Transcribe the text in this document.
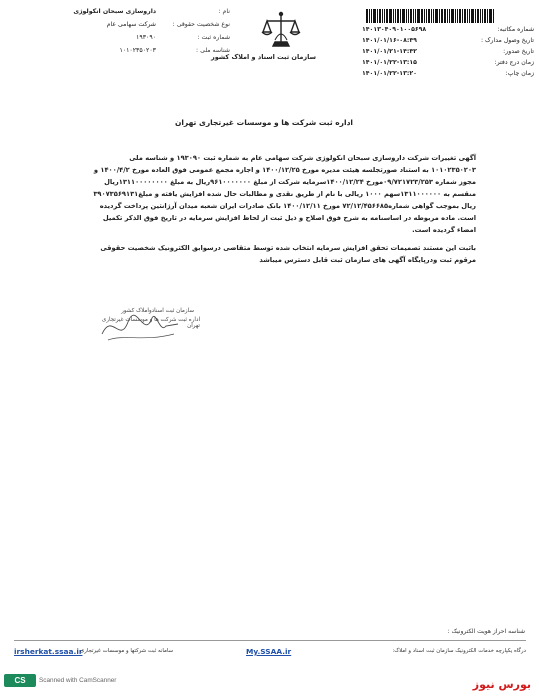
شماره مکاتبه:
۱۴۰۱۳۰۴۰۹۰۱۰۰۵۶۹۸
تاریخ وصول مدارک :
۱۴۰۱/۰۱/۱۶-۰۸:۴۹
تاریخ صدور:
۱۴۰۱/۰۱/۲۱-۱۴:۴۲
زمان درج دفتر:
۱۴۰۱/۰۱/۲۲-۱۳:۱۵
زمان چاپ:
۱۴۰۱/۰۱/۲۲-۱۳:۲۰
سازمان ثبت اسناد و املاک کشور
نام :
داروسازی سبحان انکولوژی
نوع شخصیت حقوقی :
شرکت سهامی عام
شماره ثبت :
۱۹۳۰۹۰
شناسه ملی :
۱۰۱۰۲۳۵۰۲۰۳
اداره ثبت شرکت ها و موسسات غیرتجاری تهران

آگهی تغییرات شرکت داروسازی سبحان انکولوژی شرکت سهامی عام به شماره ثبت ۱۹۳۰۹۰ و شناسه ملی ۱۰۱۰۲۳۵۰۲۰۳ به استناد صورتجلسه هیئت مدیره مورخ ۱۴۰۰/۱۲/۲۵ و اجازه مجمع عمومی فوق العاده مورخ ۱۴۰۰/۴/۲ و مجوز شماره ۰۹/۷۲۱۷۲۳/۲۵۳مورخ ۱۴۰۰/۱۲/۲۴سرمایه شرکت از مبلغ ۹۶۱۰۰۰۰۰۰۰ریال به مبلغ ۱۳۱۱۰۰۰۰۰۰۰۰ریال منقسم به ۱۳۱۱۰۰۰۰۰۰سهم ۱۰۰۰ ریالی با نام از طریق نقدی و مطالبات حال شده افزایش یافته و مبلغ۳۹۰۷۳۵۶۹۱۳۱ ریال بموجب گواهی شماره۷۲/۱۲/۴۵۶۶۸۵ مورخ ۱۴۰۰/۱۲/۱۱ بانک صادرات ایران شعبه میدان آرژانتین پرداخت گردیده است. ماده مربوطه در اساسنامه به شرح فوق اصلاح و ذیل ثبت از لحاظ افزایش سرمایه در تاریخ فوق الذکر تکمیل امضاء گردیده است.

باثبت این مستند تصمیمات تحقق افزایش سرمایه انتخاب شده توسط متقاضی درسوابق الکترونیک شخصیت حقوقی مرقوم ثبت ودرپایگاه آگهی های سازمان ثبت قابل دسترس میباشد

سازمان ثبت اسنادواملاک کشور
اداره ثبت شرکت ها و موسسات غیرتجاری تهران
شناسه احراز هویت الکترونیک :
irsherkat.ssaa.ir
سامانه ثبت شرکتها و موسسات غیرتجاری	My.SSAA.ir	درگاه یکپارچه خدمات الکترونیک سازمان ثبت اسناد و املاک:
CS	Scanned with CamScanner	بورس نیوز
